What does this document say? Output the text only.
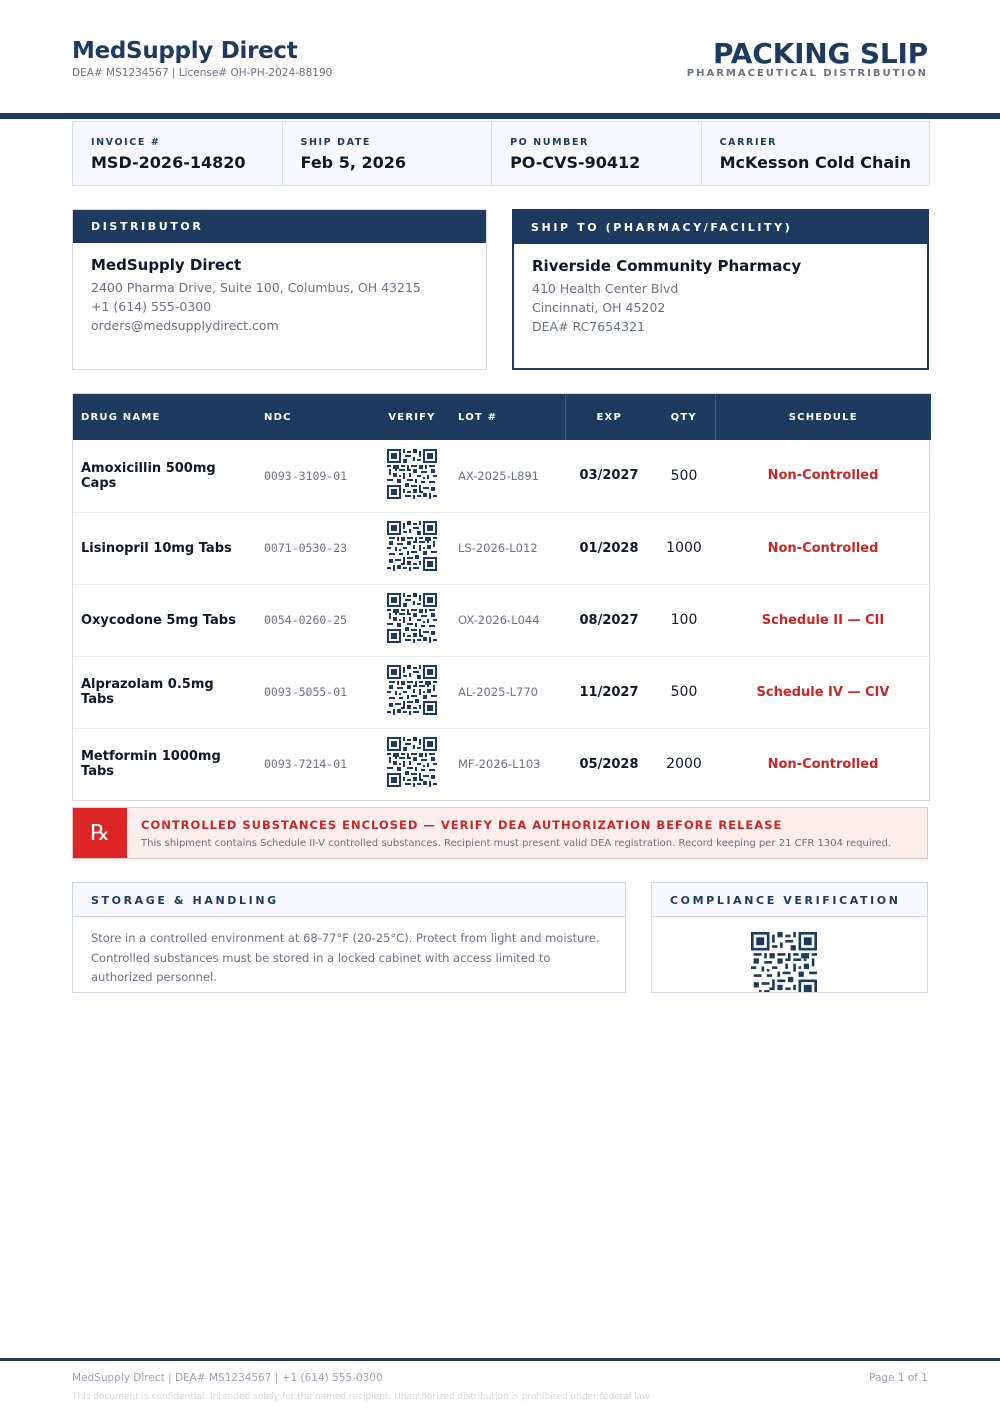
MedSupply Direct
DEA# MS1234567 | License# OH-PH-2024-88190
PACKING SLIP
PHARMACEUTICAL DISTRIBUTION
INVOICE #
MSD-2026-14820
SHIP DATE
Feb 5, 2026
PO NUMBER
PO-CVS-90412
CARRIER
McKesson Cold Chain
DISTRIBUTOR
MedSupply Direct
2400 Pharma Drive, Suite 100, Columbus, OH 43215
+1 (614) 555-0300
orders@medsupplydirect.com
SHIP TO (PHARMACY/FACILITY)
Riverside Community Pharmacy
410 Health Center Blvd
Cincinnati, OH 45202
DEA# RC7654321
DRUG NAME	NDC	VERIFY	LOT #	EXP	QTY	SCHEDULE
Amoxicillin 500mg Caps	0093-3109-01		AX-2025-L891	03/2027	500	Non-Controlled
Lisinopril 10mg Tabs	0071-0530-23		LS-2026-L012	01/2028	1000	Non-Controlled
Oxycodone 5mg Tabs	0054-0260-25		OX-2026-L044	08/2027	100	Schedule II — CII
Alprazolam 0.5mg Tabs	0093-5055-01		AL-2025-L770	11/2027	500	Schedule IV — CIV
Metformin 1000mg Tabs	0093-7214-01		MF-2026-L103	05/2028	2000	Non-Controlled
℞	CONTROLLED SUBSTANCES ENCLOSED — VERIFY DEA AUTHORIZATION BEFORE RELEASE
This shipment contains Schedule II-V controlled substances. Recipient must present valid DEA registration. Record keeping per 21 CFR 1304 required.
STORAGE & HANDLING
Store in a controlled environment at 68-77°F (20-25°C). Protect from light and moisture. Controlled substances must be stored in a locked cabinet with access limited to authorized personnel.
COMPLIANCE VERIFICATION
MedSupply Direct | DEA# MS1234567 | +1 (614) 555-0300
This document is confidential. Intended solely for the named recipient. Unauthorized distribution is prohibited under federal law.
Page 1 of 1
